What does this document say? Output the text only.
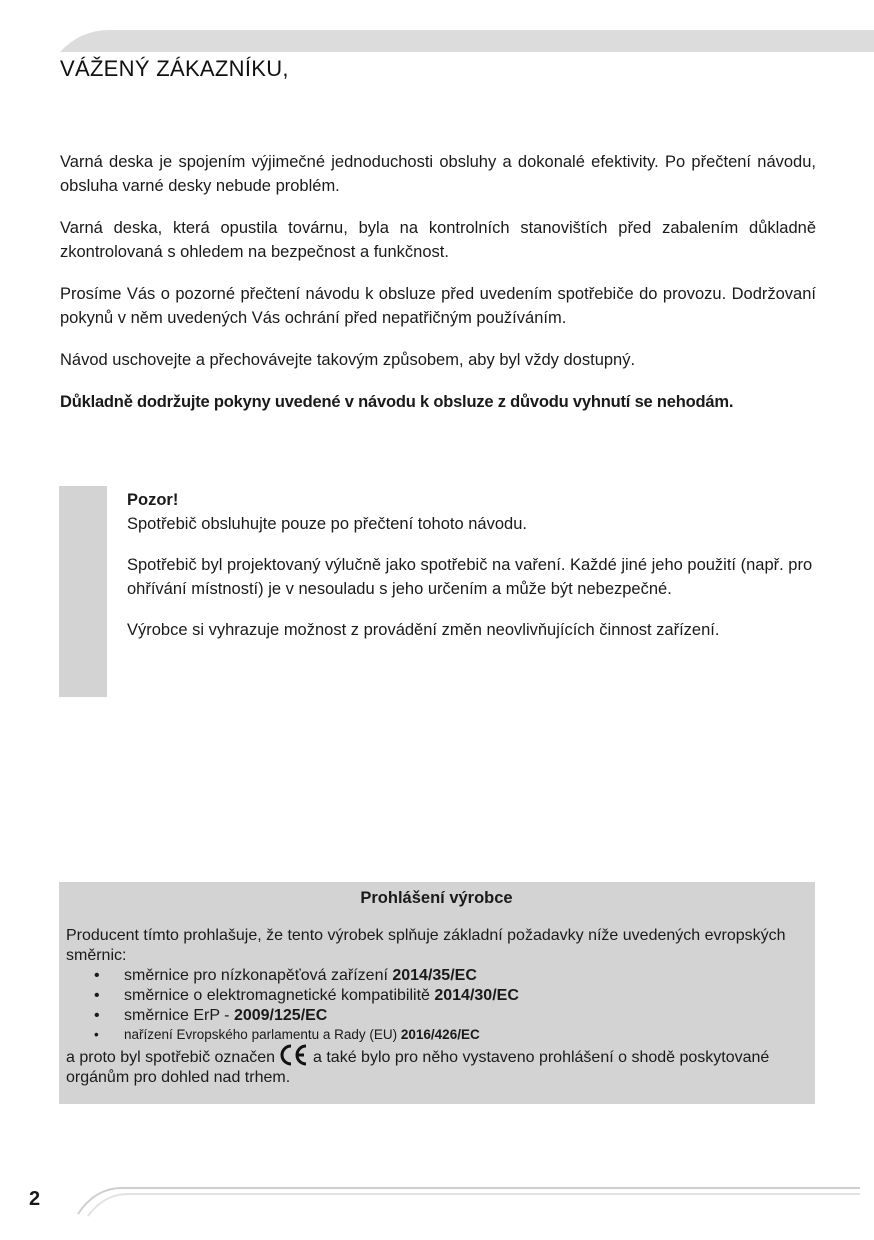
VÁŽENÝ ZÁKAZNÍKU,

Varná deska je spojením výjimečné jednoduchosti obsluhy a dokonalé efektivity. Po přečtení návodu, obsluha varné desky nebude problém.

Varná deska, která opustila továrnu, byla na kontrolních stanovištích před zabalením důkladně zkontrolovaná s ohledem na bezpečnost a funkčnost.

Prosíme Vás o pozorné přečtení návodu k obsluze před uvedením spotřebiče do provozu. Dodržovaní pokynů v něm uvedených Vás ochrání před nepatřičným používáním.

Návod uschovejte a přechovávejte takovým způsobem, aby byl vždy dostupný.

Důkladně dodržujte pokyny uvedené v návodu k obsluze z důvodu vyhnutí se nehodám.

Pozor!

Spotřebič obsluhujte pouze po přečtení tohoto návodu.

Spotřebič byl projektovaný výlučně jako spotřebič na vaření. Každé jiné jeho použití (např. pro ohřívání místností) je v nesouladu s jeho určením a může být nebezpečné.

Výrobce si vyhrazuje možnost z provádění změn neovlivňujících činnost zařízení.

Prohlášení výrobce

Producent tímto prohlašuje, že tento výrobek splňuje základní požadavky níže uvedených evropských směrnic:

• směrnice pro nízkonapěťová zařízení 2014/35/EC
• směrnice o elektromagnetické kompatibilitě 2014/30/EC
• směrnice ErP - 2009/125/EC
• nařízení Evropského parlamentu a Rady (EU) 2016/426/EC

a proto byl spotřebič označen a také bylo pro něho vystaveno prohlášení o shodě poskytované orgánům pro dohled nad trhem.

2
